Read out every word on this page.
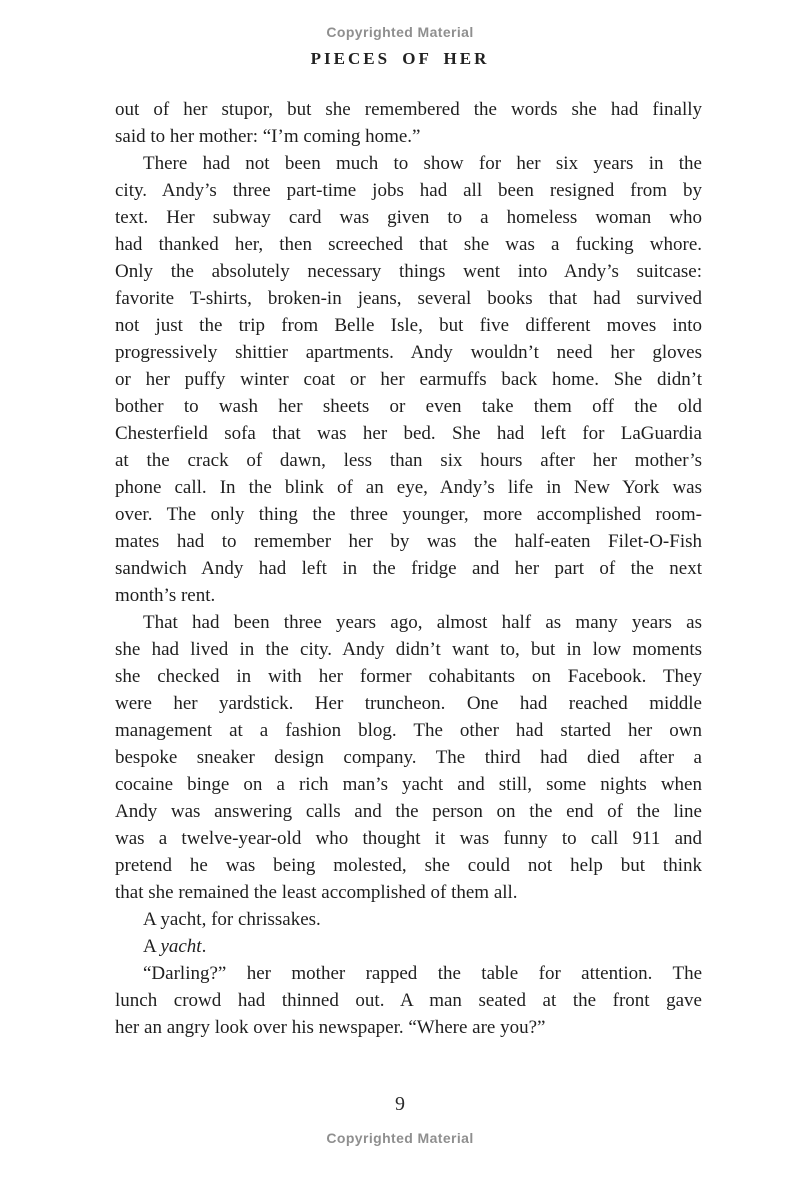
Copyrighted Material
PIECES OF HER
out of her stupor, but she remembered the words she had finally
said to her mother: “I’m coming home.”
There had not been much to show for her six years in the
city. Andy’s three part-time jobs had all been resigned from by
text. Her subway card was given to a homeless woman who
had thanked her, then screeched that she was a fucking whore.
Only the absolutely necessary things went into Andy’s suitcase:
favorite T-shirts, broken-in jeans, several books that had survived
not just the trip from Belle Isle, but five different moves into
progressively shittier apartments. Andy wouldn’t need her gloves
or her puffy winter coat or her earmuffs back home. She didn’t
bother to wash her sheets or even take them off the old
Chesterfield sofa that was her bed. She had left for LaGuardia
at the crack of dawn, less than six hours after her mother’s
phone call. In the blink of an eye, Andy’s life in New York was
over. The only thing the three younger, more accomplished room-
mates had to remember her by was the half-eaten Filet-O-Fish
sandwich Andy had left in the fridge and her part of the next
month’s rent.
That had been three years ago, almost half as many years as
she had lived in the city. Andy didn’t want to, but in low moments
she checked in with her former cohabitants on Facebook. They
were her yardstick. Her truncheon. One had reached middle
management at a fashion blog. The other had started her own
bespoke sneaker design company. The third had died after a
cocaine binge on a rich man’s yacht and still, some nights when
Andy was answering calls and the person on the end of the line
was a twelve-year-old who thought it was funny to call 911 and
pretend he was being molested, she could not help but think
that she remained the least accomplished of them all.
A yacht, for chrissakes.
A yacht.
“Darling?” her mother rapped the table for attention. The
lunch crowd had thinned out. A man seated at the front gave
her an angry look over his newspaper. “Where are you?”
9
Copyrighted Material
